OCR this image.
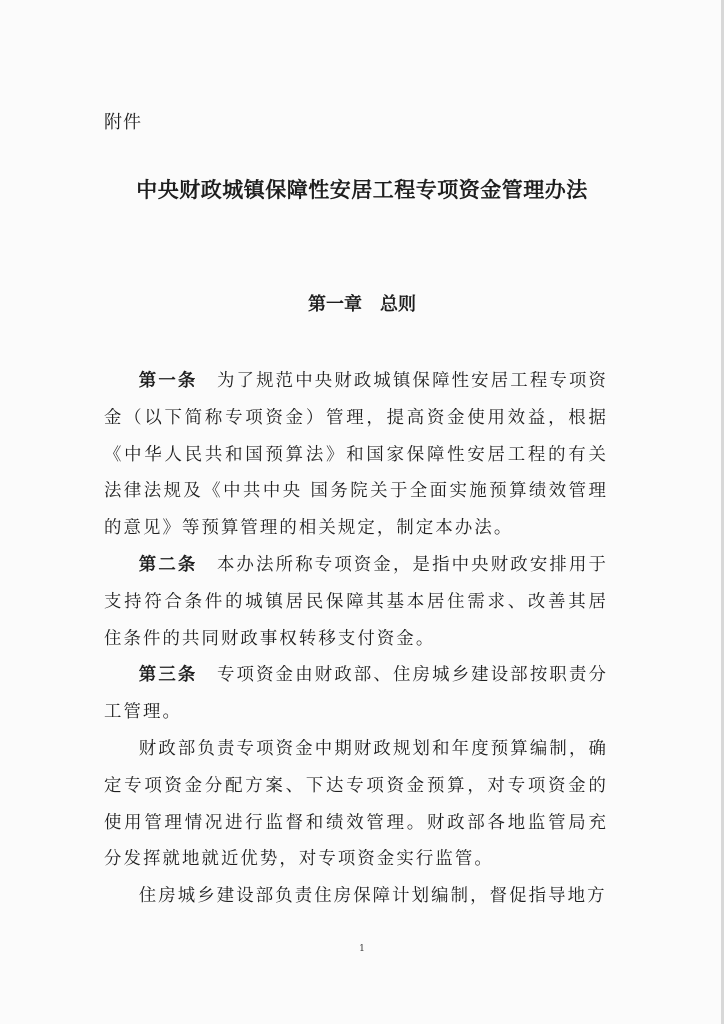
附件
中央财政城镇保障性安居工程专项资金管理办法
第一章　总则

第一条　为了规范中央财政城镇保障性安居工程专项资金（以下简称专项资金）管理，提高资金使用效益，根据《中华人民共和国预算法》和国家保障性安居工程的有关法律法规及《中共中央 国务院关于全面实施预算绩效管理的意见》等预算管理的相关规定，制定本办法。

第二条　本办法所称专项资金，是指中央财政安排用于支持符合条件的城镇居民保障其基本居住需求、改善其居住条件的共同财政事权转移支付资金。

第三条　专项资金由财政部、住房城乡建设部按职责分工管理。

财政部负责专项资金中期财政规划和年度预算编制，确定专项资金分配方案、下达专项资金预算，对专项资金的使用管理情况进行监督和绩效管理。财政部各地监管局充分发挥就地就近优势，对专项资金实行监管。

住房城乡建设部负责住房保障计划编制，督促指导地方

1
